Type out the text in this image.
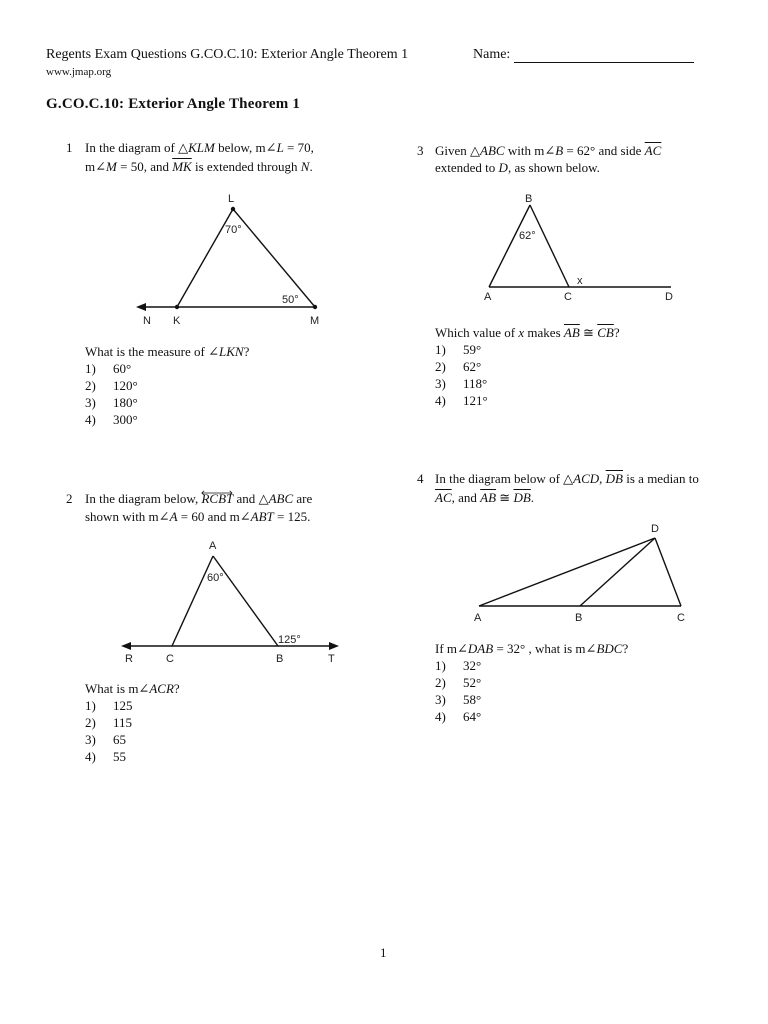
Regents Exam Questions G.CO.C.10: Exterior Angle Theorem 1	Name:
www.jmap.org
G.CO.C.10: Exterior Angle Theorem 1
1 In the diagram of △KLM below, m∠L = 70,
m∠M = 50, and $\overline{MK}$ is extended through N.
L
70°
50°
N K	M
What is the measure of ∠LKN?
1) 60°
2) 120°
3) 180°
4) 300°
2 In the diagram below, RCBT
and △ABC are
shown with m∠A = 60 and m∠ABT = 125.
A
60°
125°
R	C	B	T
What is m∠ACR?
1) 125
2) 115
3) 65
4) 55
3 Given △ABC with m∠B = 62° and side $\overline{AC}$
extended to D, as shown below.
B
62°
x
A	C	D
Which value of x makes $\overline{AB}$ ≅ $\overline{CB}$?
1) 59°
2) 62°
3) 118°
4) 121°
4 In the diagram below of △ACD, $\overline{DB}$ is a median to
$\overline{AC}$, and $\overline{AB}$ ≅ $\overline{DB}$.
D
A	B	C
If m∠DAB = 32° , what is m∠BDC?
1) 32°
2) 52°
3) 58°
4) 64°
1
